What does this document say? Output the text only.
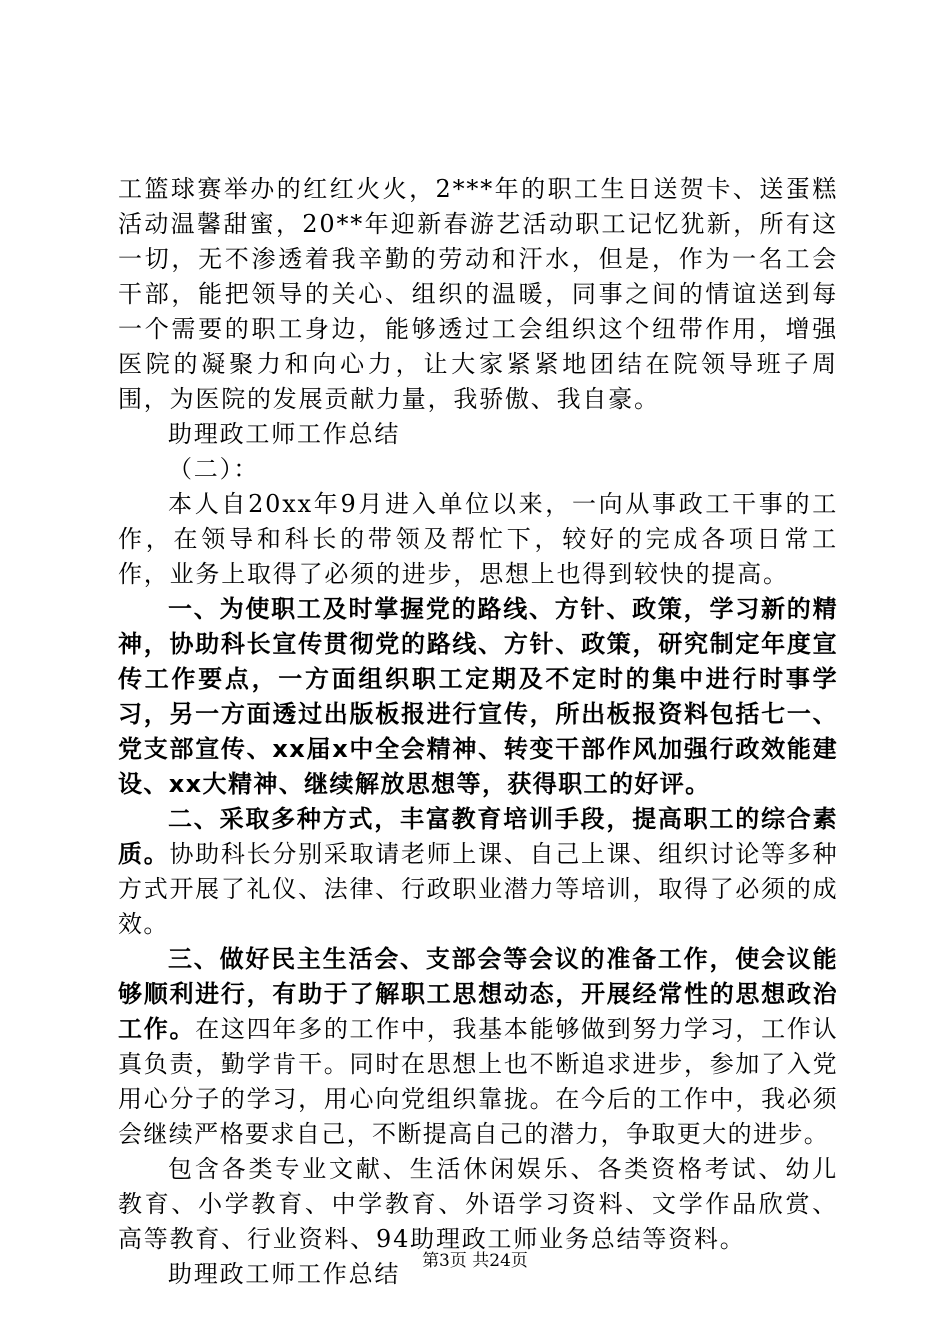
工篮球赛举办的红红火火，2***年的职工生日送贺卡、送蛋糕活动温馨甜蜜，20**年迎新春游艺活动职工记忆犹新，所有这一切，无不渗透着我辛勤的劳动和汗水，但是，作为一名工会干部，能把领导的关心、组织的温暖，同事之间的情谊送到每一个需要的职工身边，能够透过工会组织这个纽带作用，增强医院的凝聚力和向心力，让大家紧紧地团结在院领导班子周围，为医院的发展贡献力量，我骄傲、我自豪。

助理政工师工作总结

（二）：

本人自20xx年9月进入单位以来，一向从事政工干事的工作，在领导和科长的带领及帮忙下，较好的完成各项日常工作，业务上取得了必须的进步，思想上也得到较快的提高。

一、为使职工及时掌握党的路线、方针、政策，学习新的精神，协助科长宣传贯彻党的路线、方针、政策，研究制定年度宣传工作要点，一方面组织职工定期及不定时的集中进行时事学习，另一方面透过出版板报进行宣传，所出板报资料包括七一、党支部宣传、xx届x中全会精神、转变干部作风加强行政效能建设、xx大精神、继续解放思想等，获得职工的好评。

二、采取多种方式，丰富教育培训手段，提高职工的综合素质。协助科长分别采取请老师上课、自己上课、组织讨论等多种方式开展了礼仪、法律、行政职业潜力等培训，取得了必须的成效。

三、做好民主生活会、支部会等会议的准备工作，使会议能够顺利进行，有助于了解职工思想动态，开展经常性的思想政治工作。在这四年多的工作中，我基本能够做到努力学习，工作认真负责，勤学肯干。同时在思想上也不断追求进步，参加了入党用心分子的学习，用心向党组织靠拢。在今后的工作中，我必须会继续严格要求自己，不断提高自己的潜力，争取更大的进步。

包含各类专业文献、生活休闲娱乐、各类资格考试、幼儿教育、小学教育、中学教育、外语学习资料、文学作品欣赏、高等教育、行业资料、94助理政工师业务总结等资料。

助理政工师工作总结	第3页 共24页
